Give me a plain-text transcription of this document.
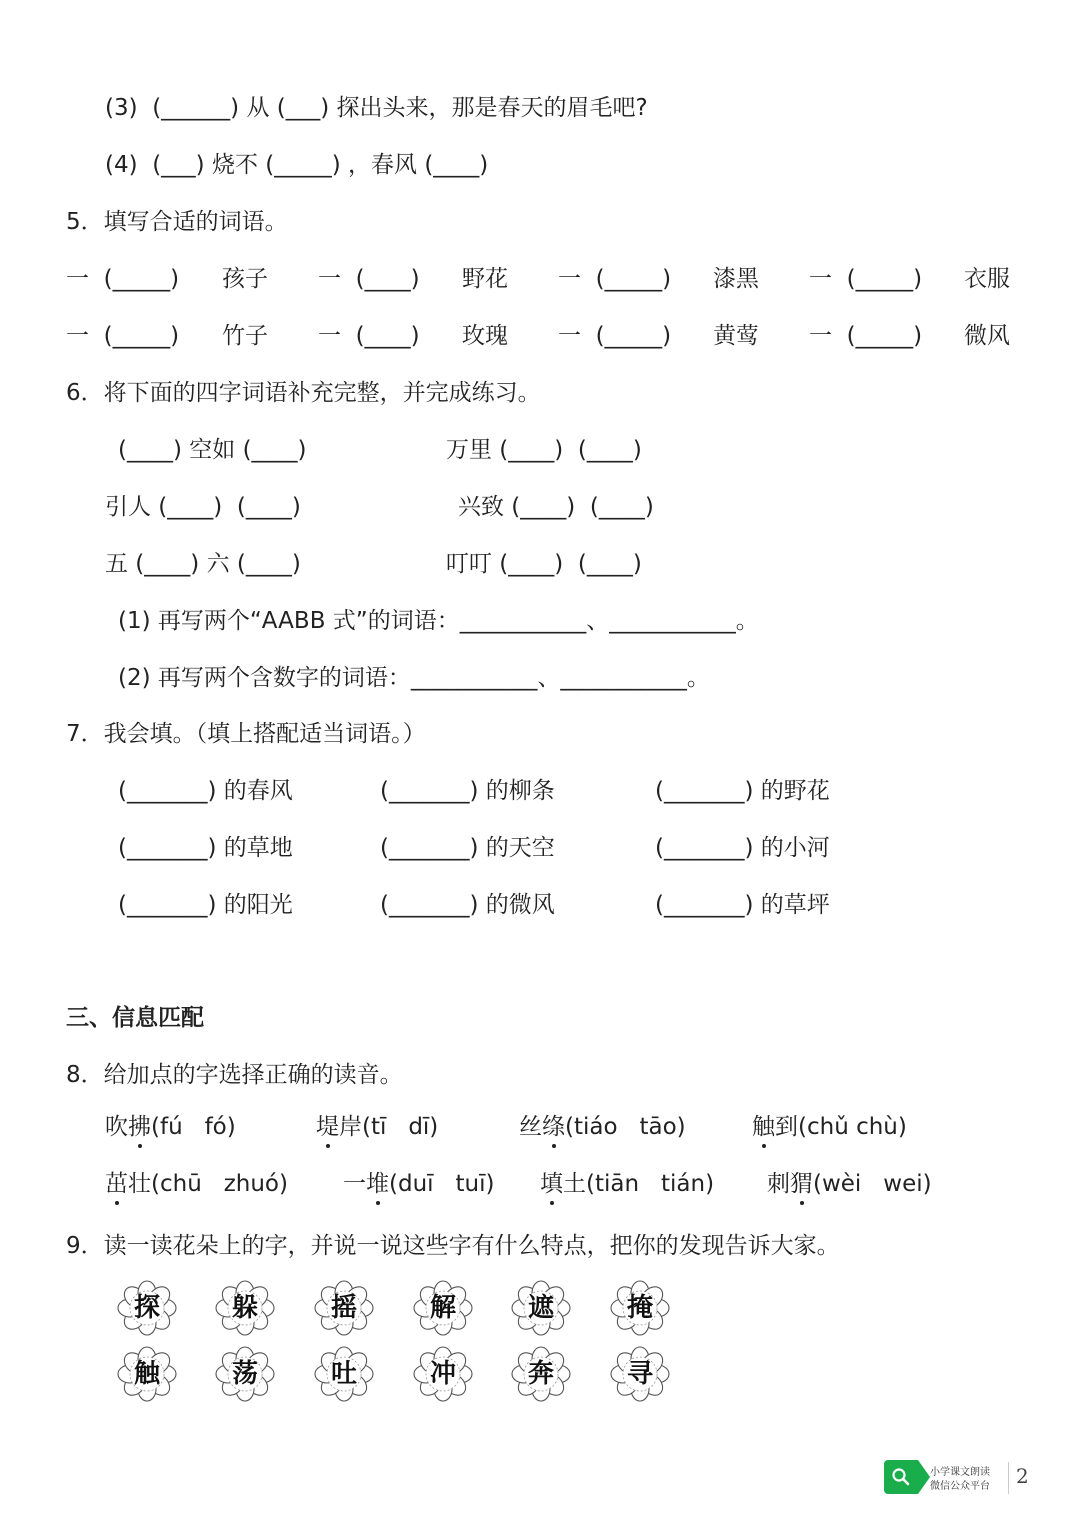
(3)  (______) 从 (___) 探出头来，那是春天的眉毛吧?
(4)  (___) 烧不 (_____) ，春风 (____)
5．填写合适的词语。
一  (_____) 孩子 一  (____) 野花 一  (_____) 漆黑 一  (_____) 衣服
一  (_____) 竹子 一  (____) 玫瑰 一  (_____) 黄莺 一  (_____) 微风
6．将下面的四字词语补充完整，并完成练习。
(____) 空如 (____)	万里 (____)  (____)
引人 (____)  (____)	兴致 (____)  (____)
五 (____) 六 (____)	叮叮 (____)  (____)
(1) 再写两个“AABB 式”的词语：___________、___________。
(2) 再写两个含数字的词语：___________、___________。
7．我会填。（填上搭配适当词语。）
(_______) 的春风	(_______) 的柳条	(_______) 的野花
(_______) 的草地	(_______) 的天空	(_______) 的小河
(_______) 的阳光	(_______) 的微风	(_______) 的草坪
三、信息匹配
8．给加点的字选择正确的读音。
吹拂(fú   fó)	堤岸(tī   dī)	丝绦(tiáo   tāo)	触到(chǔ chù)
茁壮(chū   zhuó) 一堆(duī   tuī) 填土(tiān   tián) 刺猬(wèi   wei)
9．读一读花朵上的字，并说一说这些字有什么特点，把你的发现告诉大家。
探	躲	摇	解	遮	掩
触	荡	吐	冲	奔	寻
小学课文朗读
微信公众平台 2
